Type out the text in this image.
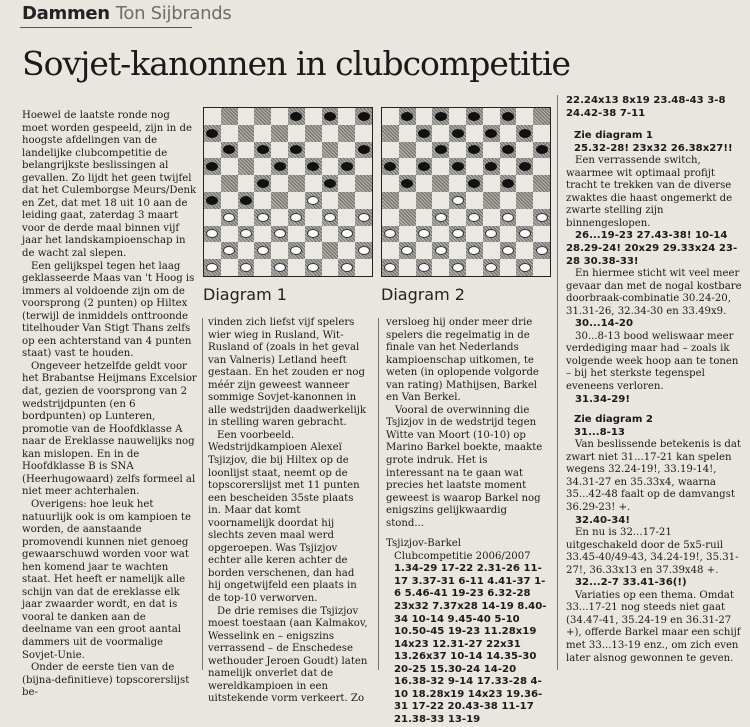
Dammen Ton Sijbrands
Sovjet-kanonnen in clubcompetitie

Hoewel de laatste ronde nog moet worden gespeeld, zijn in de hoogste afdelingen van de landelijke clubcompetitie de belangrijkste beslissingen al gevallen. Zo lijdt het geen twijfel dat het Culemborgse Meurs/Denk en Zet, dat met 18 uit 10 aan de leiding gaat, zaterdag 3 maart voor de derde maal binnen vijf jaar het landskampioenschap in de wacht zal slepen.

Een gelijkspel tegen het laag geklasseerde Maas van 't Hoog is immers al voldoende zijn om de voorsprong (2 punten) op Hiltex (terwijl de inmiddels onttroonde titelhouder Van Stigt Thans zelfs op een achterstand van 4 punten staat) vast te houden.

Ongeveer hetzelfde geldt voor het Brabantse Heijmans Excelsior dat, gezien de voorsprong van 2 wedstrijdpunten (en 6 bordpunten) op Lunteren, promotie van de Hoofdklasse A naar de Ereklasse nauwelijks nog kan mislopen. En in de Hoofdklasse B is SNA (Heerhugowaard) zelfs formeel al niet meer achterhalen.

Overigens: hoe leuk het natuurlijk ook is om kampioen te worden, de aanstaande promovendi kunnen niet genoeg gewaarschuwd worden voor wat hen komend jaar te wachten staat. Het heeft er namelijk alle schijn van dat de ereklasse elk jaar zwaarder wordt, en dat is vooral te danken aan de deelname van een groot aantal dammers uit de voormalige Sovjet-Unie.

Onder de eerste tien van de (bijna-definitieve) topscorerslijst be-

Diagram 1	Diagram 2

vinden zich liefst vijf spelers wier wieg in Rusland, Wit-Rusland of (zoals in het geval van Valneris) Letland heeft gestaan. En het zouden er nog méér zijn geweest wanneer sommige Sovjet-kanonnen in alle wedstrijden daadwerkelijk in stelling waren gebracht.

Een voorbeeld. Wedstrijdkampioen Alexeï Tsjizjov, die bij Hiltex op de loonlijst staat, neemt op de topscorerslijst met 11 punten een bescheiden 35ste plaats in. Maar dat komt voornamelijk doordat hij slechts zeven maal werd opgeroepen. Was Tsjizjov echter alle keren achter de borden verschenen, dan had hij ongetwijfeld een plaats in de top-10 verworven.

De drie remises die Tsjizjov moest toestaan (aan Kalmakov, Wesselink en – enigszins verrassend – de Enschedese wethouder Jeroen Goudt) laten namelijk onverlet dat de wereldkampioen in een uitstekende vorm verkeert. Zo

versloeg hij onder meer drie spelers die regelmatig in de finale van het Nederlands kampioenschap uitkomen, te weten (in oplopende volgorde van rating) Mathijsen, Barkel en Van Berkel.

Vooral de overwinning die Tsjizjov in de wedstrijd tegen Witte van Moort (10-10) op Marino Barkel boekte, maakte grote indruk. Het is interessant na te gaan wat precies het laatste moment geweest is waarop Barkel nog enigszins gelijkwaardig stond...

Tsjizjov-Barkel

Clubcompetitie 2006/2007

1.34-29 17-22 2.31-26 11-17 3.37-31 6-11 4.41-37 1-6 5.46-41 19-23 6.32-28 23x32 7.37x28 14-19 8.40-34 10-14 9.45-40 5-10 10.50-45 19-23 11.28x19 14x23 12.31-27 22x31 13.26x37 10-14 14.35-30 20-25 15.30-24 14-20 16.38-32 9-14 17.33-28 4-10 18.28x19 14x23 19.36-31 17-22 20.43-38 11-17 21.38-33 13-19

22.24x13 8x19 23.48-43 3-8 24.42-38 7-11

Zie diagram 1

25.32-28! 23x32 26.38x27!!

Een verrassende switch, waarmee wit optimaal profijt tracht te trekken van de diverse zwaktes die haast ongemerkt de zwarte stelling zijn binnengeslopen.

26...19-23 27.43-38! 10-14 28.29-24! 20x29 29.33x24 23-28 30.38-33!

En hiermee sticht wit veel meer gevaar dan met de nogal kostbare doorbraak-combinatie 30.24-20, 31.31-26, 32.34-30 en 33.49x9.

30...14-20

30...8-13 bood weliswaar meer verdediging maar had – zoals ik volgende week hoop aan te tonen – bij het sterkste tegenspel eveneens verloren.

31.34-29!

Zie diagram 2

31...8-13

Van beslissende betekenis is dat zwart niet 31...17-21 kan spelen wegens 32.24-19!, 33.19-14!, 34.31-27 en 35.33x4, waarna 35...42-48 faalt op de damvangst 36.29-23! +.

32.40-34!

En nu is 32...17-21 uitgeschakeld door de 5x5-ruil 33.45-40/49-43, 34.24-19!, 35.31-27!, 36.33x13 en 37.39x48 +.

32...2-7 33.41-36(!)

Variaties op een thema. Omdat 33...17-21 nog steeds niet gaat (34.47-41, 35.24-19 en 36.31-27 +), offerde Barkel maar een schijf met 33...13-19 enz., om zich even later alsnog gewonnen te geven.
